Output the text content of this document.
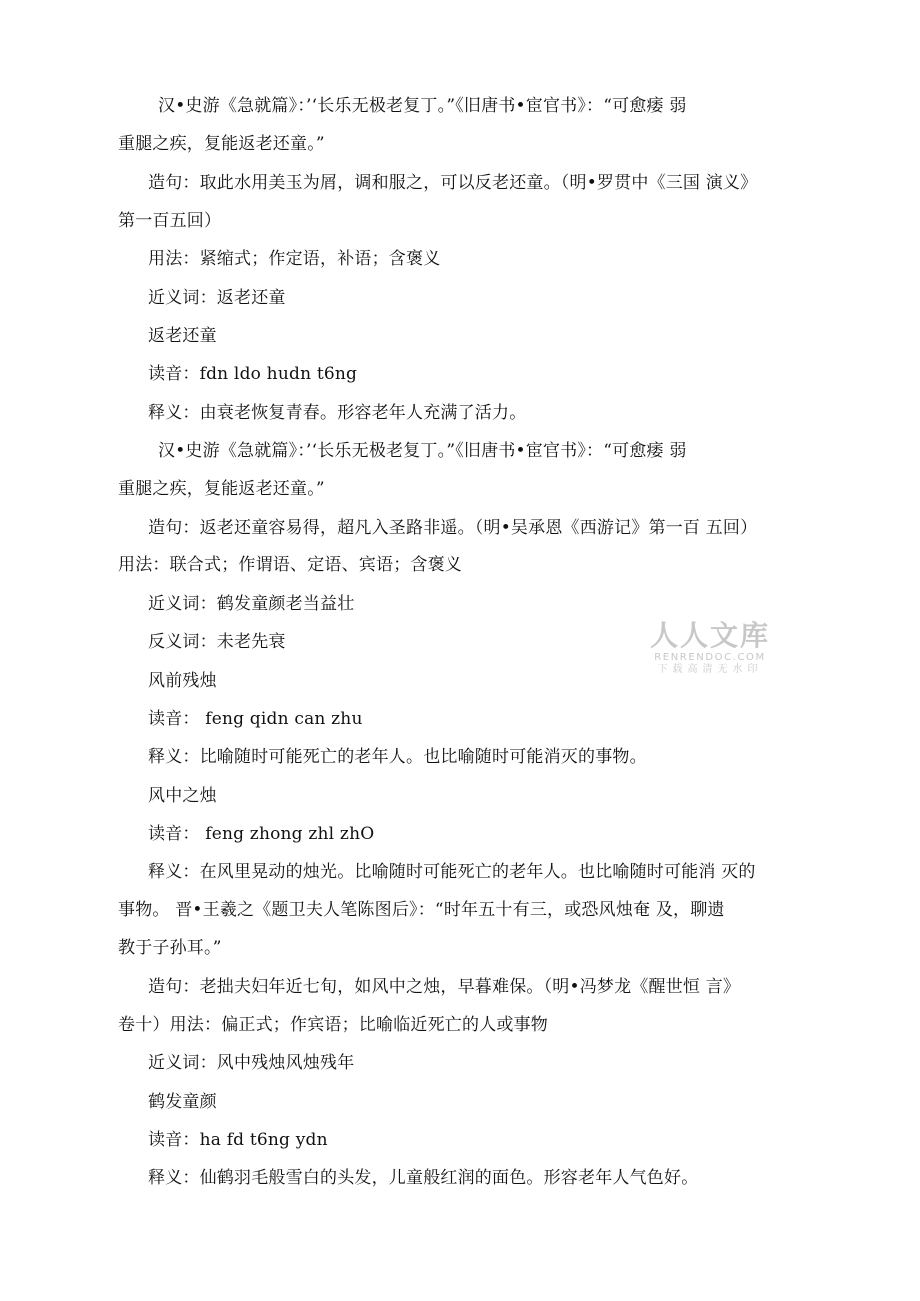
汉•史游《急就篇》：’‘长乐无极老复丁。”《旧唐书•宦官书》：“可愈痿 弱
重腿之疾，复能返老还童。”
造句：取此水用美玉为屑，调和服之，可以反老还童。（明•罗贯中《三国 演义》
第一百五回）
用法：紧缩式；作定语，补语；含褒义
近义词：返老还童
返老还童
读音：fdn ldo hudn t6ng
释义：由衰老恢复青春。形容老年人充满了活力。
汉•史游《急就篇》：’‘长乐无极老复丁。”《旧唐书•宦官书》：“可愈痿 弱
重腿之疾，复能返老还童。”
造句：返老还童容易得，超凡入圣路非遥。（明•吴承恩《西游记》第一百 五回）
用法：联合式；作谓语、定语、宾语；含褒义
近义词：鹤发童颜老当益壮
反义词：未老先衰
风前残烛
读音： feng qidn can zhu
释义：比喻随时可能死亡的老年人。也比喻随时可能消灭的事物。
风中之烛
读音： feng zhong zhl zhO
释义：在风里晃动的烛光。比喻随时可能死亡的老年人。也比喻随时可能消 灭的
事物。 晋•王羲之《题卫夫人笔陈图后》：“时年五十有三，或恐风烛奄 及，聊遗
教于子孙耳。”
造句：老拙夫妇年近七旬，如风中之烛，早暮难保。（明•冯梦龙《醒世恒 言》
卷十）用法：偏正式；作宾语；比喻临近死亡的人或事物
近义词：风中残烛风烛残年
鹤发童颜
读音：ha fd t6ng ydn
释义：仙鹤羽毛般雪白的头发，儿童般红润的面色。形容老年人气色好。
人人文库
RENRENDOC.COM
下载高清无水印
